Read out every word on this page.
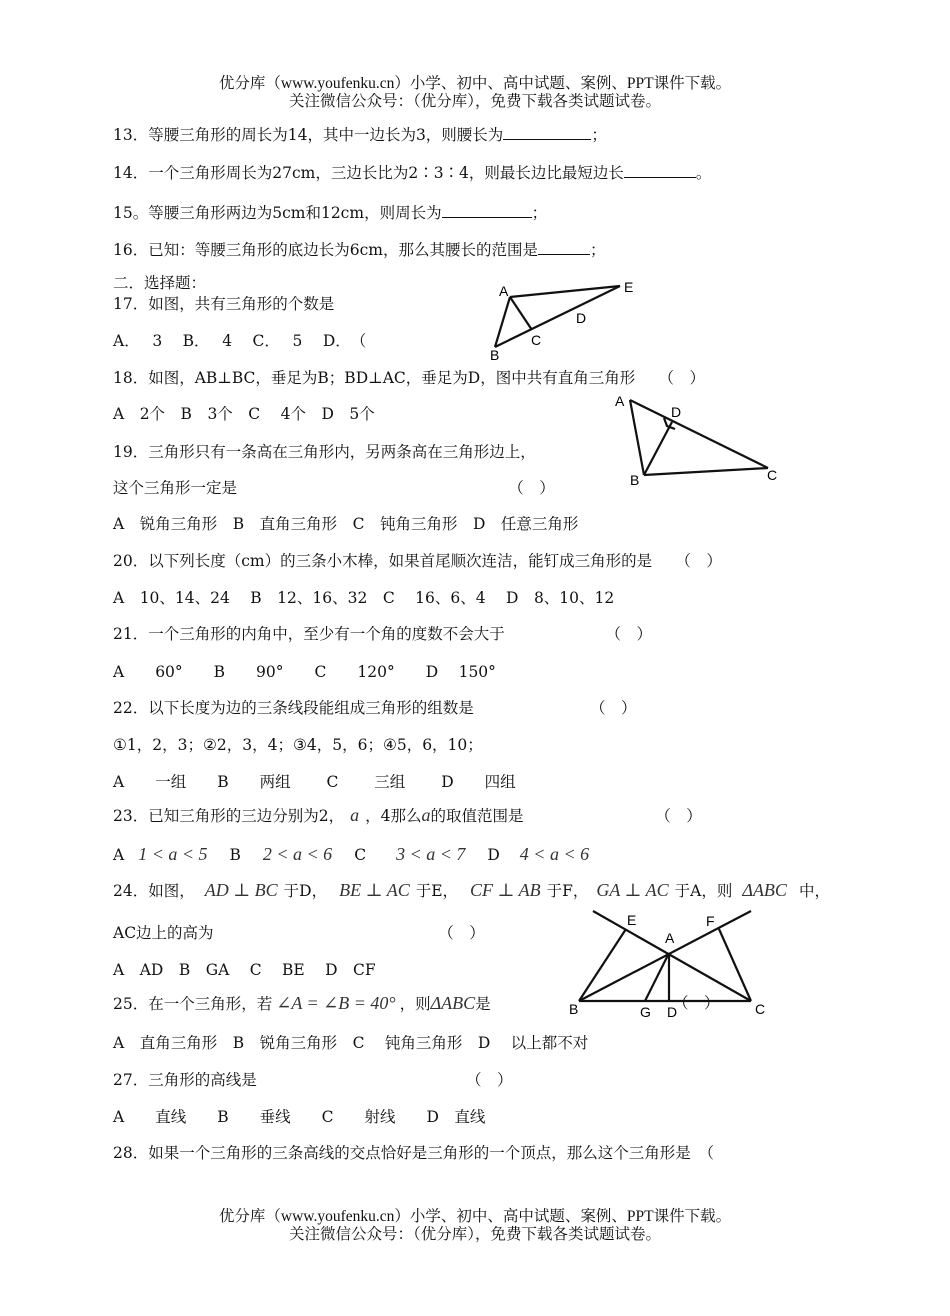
优分库（www.youfenku.cn）小学、初中、高中试题、案例、PPT课件下载。
关注微信公众号：（优分库），免费下载各类试题试卷。
13．等腰三角形的周长为14，其中一边长为3，则腰长为	；
14．一个三角形周长为27cm，三边长比为2∶3∶4，则最长边比最短边长	。
15。等腰三角形两边为5cm和12cm，则周长为	；
16．已知：等腰三角形的底边长为6cm，那么其腰长的范围是	；
二．选择题：
17．如图，共有三角形的个数是
A．　 3　 B．　 4　 C．　 5　 D．　（
A	E
D
C
B
18．如图，AB⊥BC，垂足为B；BD⊥AC，垂足为D，图中共有直角三角形　　（　）
A　2个　B　3个　C　 4个　D　5个
A
D
B	C
19．三角形只有一条高在三角形内，另两条高在三角形边上，
这个三角形一定是　　　　　　　　　　　　　　　　　　（　）
A　锐角三角形　B　直角三角形　C　钝角三角形　D　任意三角形
20．以下列长度（cm）的三条小木棒，如果首尾顺次连洁，能钉成三角形的是　　（　）
A　10、14、24　 B　12、16、32　C　 16、6、4　 D　8、10、12
21．一个三角形的内角中，至少有一个角的度数不会大于　　　　　　　（　）
A　　60°　　B　　90°　　C　　120°　　D　 150°
22．以下长度为边的三条线段能组成三角形的组数是　　　　　　　　（　）
①1，2，3；②2，3，4；③4，5，6；④5，6，10；
A　　一组　　B　　两组　　 C　　 三组　　 D　　四组
23．已知三角形的三边分别为2， a ，4那么a的取值范围是　　　　　　　　　（　）
A 1 < a < 5 B 2 < a < 6 C 3 < a < 7 D 4 < a < 6
24．如图， AD ⊥ BC 于D， BE ⊥ AC 于E， CF ⊥ AB 于F， GA ⊥ AC 于A，则 ΔABC 中，
AC边上的高为　　　　　　　　　　　　　　　（　）
A　AD　B　GA　 C　 BE　 D　CF
E	F
A
B	G D	C
25．在一个三角形，若 ∠A = ∠B = 40° ，则ΔABC是	（　）
A　直角三角形　B　锐角三角形　C　 钝角三角形　D　 以上都不对
27．三角形的高线是　　　　　　　　　　　　　　（　）
A　　直线　　B　　垂线　　C　　射线　　D　直线
28．如果一个三角形的三条高线的交点恰好是三角形的一个顶点，那么这个三角形是　（
优分库（www.youfenku.cn）小学、初中、高中试题、案例、PPT课件下载。
关注微信公众号：（优分库），免费下载各类试题试卷。
